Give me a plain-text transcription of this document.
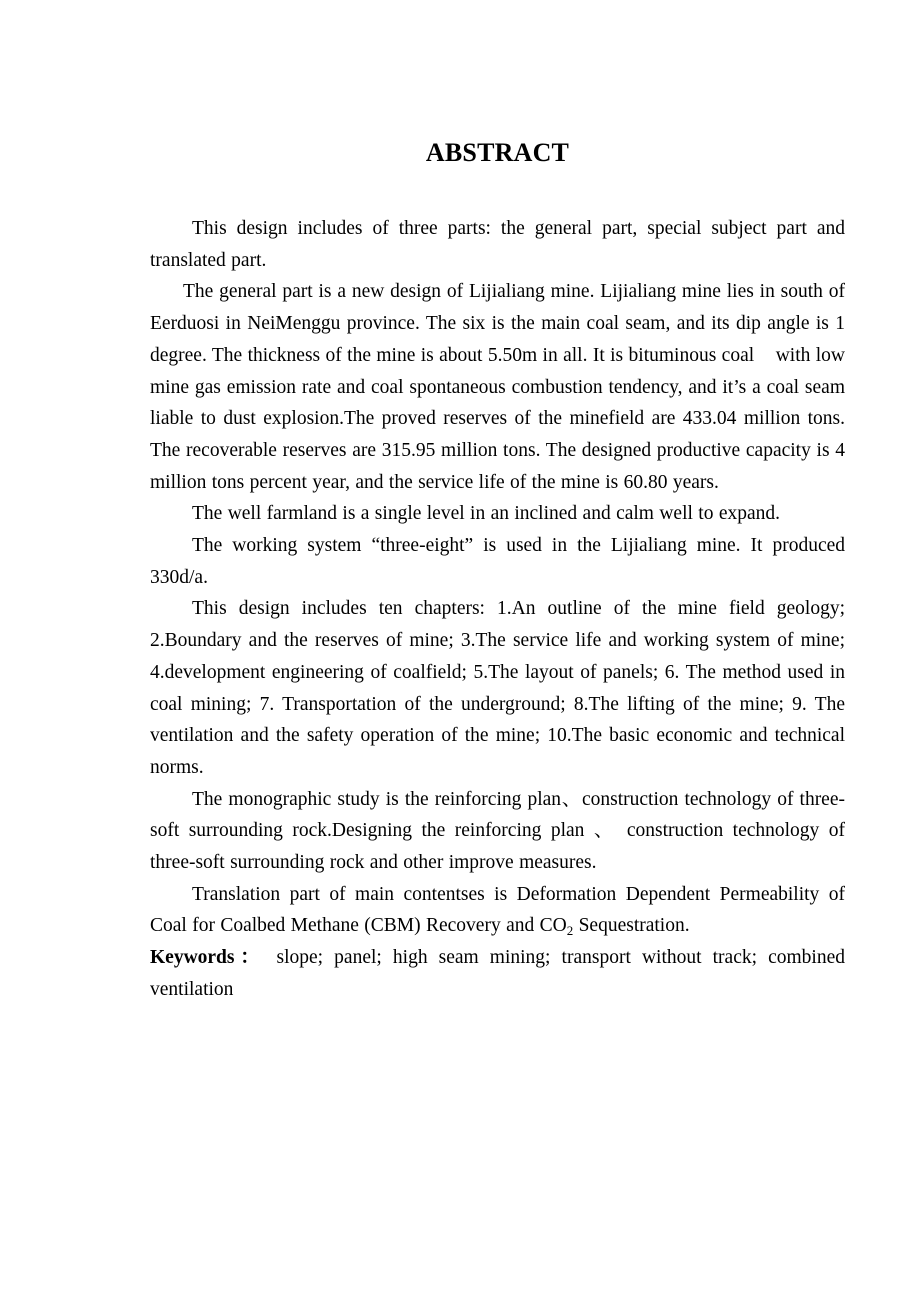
ABSTRACT

This design includes of three parts: the general part, special subject part and translated part.

The general part is a new design of Lijialiang mine. Lijialiang mine lies in south of Eerduosi in NeiMenggu province. The six is the main coal seam, and its dip angle is 1 degree. The thickness of the mine is about 5.50m in all. It is bituminous coal    with low mine gas emission rate and coal spontaneous combustion tendency, and it’s a coal seam liable to dust explosion.The proved reserves of the minefield are 433.04 million tons. The recoverable reserves are 315.95 million tons. The designed productive capacity is 4 million tons percent year, and the service life of the mine is 60.80 years.

The well farmland is a single level in an inclined and calm well to expand.

The working system “three-eight” is used in the Lijialiang mine. It produced 330d/a.

This design includes ten chapters: 1.An outline of the mine field geology; 2.Boundary and the reserves of mine; 3.The service life and working system of mine; 4.development engineering of coalfield; 5.The layout of panels; 6. The method used in coal mining; 7. Transportation of the underground; 8.The lifting of the mine; 9. The ventilation and the safety operation of the mine; 10.The basic economic and technical norms.

The monographic study is the reinforcing plan、construction technology of three-soft surrounding rock.Designing the reinforcing plan 、 construction technology of three-soft surrounding rock and other improve measures.

Translation part of main contentses is Deformation Dependent Permeability of Coal for Coalbed Methane (CBM) Recovery and $CO_2$ Sequestration.

Keywords： slope; panel; high seam mining; transport without track; combined ventilation
